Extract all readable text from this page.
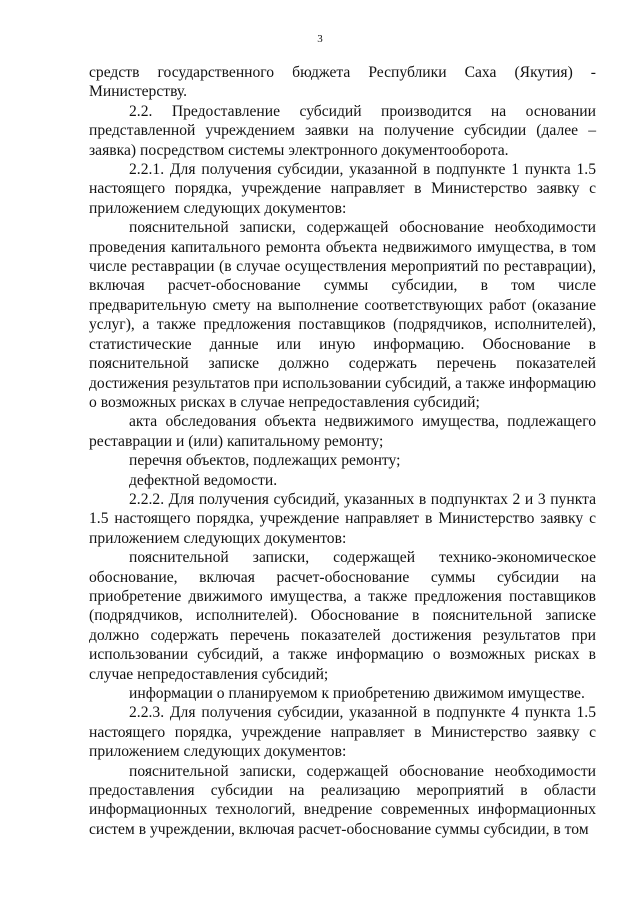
3

средств государственного бюджета Республики Саха (Якутия) - Министерству.

2.2. Предоставление субсидий производится на основании представленной учреждением заявки на получение субсидии (далее – заявка) посредством системы электронного документооборота.

2.2.1. Для получения субсидии, указанной в подпункте 1 пункта 1.5 настоящего порядка, учреждение направляет в Министерство заявку с приложением следующих документов:

пояснительной записки, содержащей обоснование необходимости проведения капитального ремонта объекта недвижимого имущества, в том числе реставрации (в случае осуществления мероприятий по реставрации), включая расчет-обоснование суммы субсидии, в том числе предварительную смету на выполнение соответствующих работ (оказание услуг), а также предложения поставщиков (подрядчиков, исполнителей), статистические данные или иную информацию. Обоснование в пояснительной записке должно содержать перечень показателей достижения результатов при использовании субсидий, а также информацию о возможных рисках в случае непредоставления субсидий;

акта обследования объекта недвижимого имущества, подлежащего реставрации и (или) капитальному ремонту;

перечня объектов, подлежащих ремонту;

дефектной ведомости.

2.2.2. Для получения субсидий, указанных в подпунктах 2 и 3 пункта 1.5 настоящего порядка, учреждение направляет в Министерство заявку с приложением следующих документов:

пояснительной записки, содержащей технико-экономическое обоснование, включая расчет-обоснование суммы субсидии на приобретение движимого имущества, а также предложения поставщиков (подрядчиков, исполнителей). Обоснование в пояснительной записке должно содержать перечень показателей достижения результатов при использовании субсидий, а также информацию о возможных рисках в случае непредоставления субсидий;

информации о планируемом к приобретению движимом имуществе.

2.2.3. Для получения субсидии, указанной в подпункте 4 пункта 1.5 настоящего порядка, учреждение направляет в Министерство заявку с приложением следующих документов:

пояснительной записки, содержащей обоснование необходимости предоставления субсидии на реализацию мероприятий в области информационных технологий, внедрение современных информационных систем в учреждении, включая расчет-обоснование суммы субсидии, в том
